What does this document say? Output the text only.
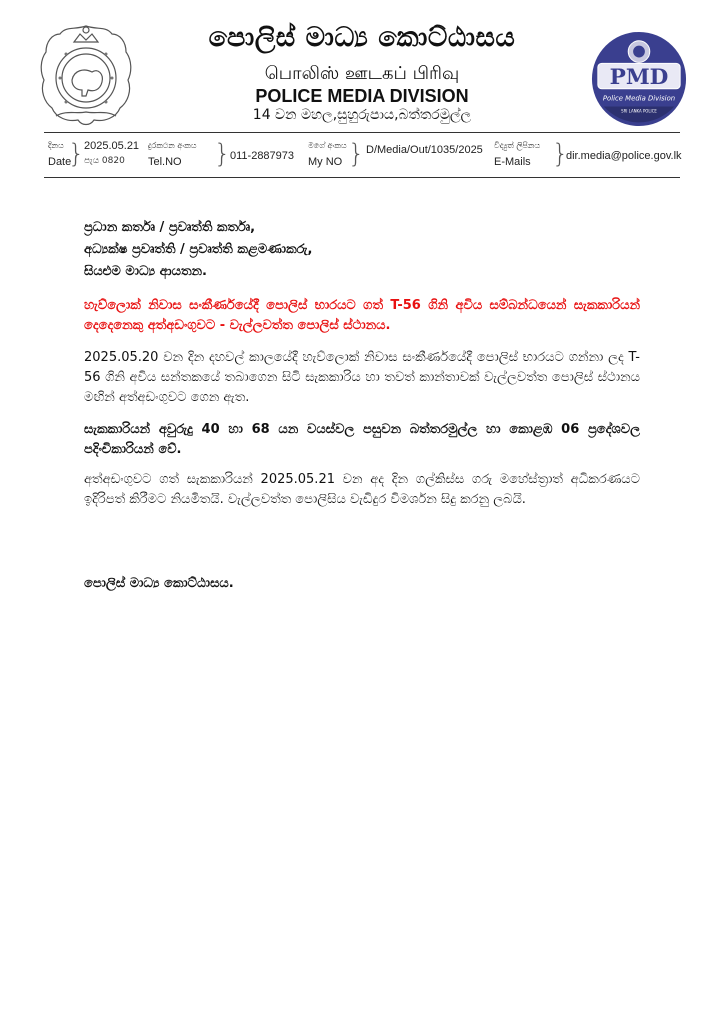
පොලිස් මාධ්‍ය කොට්ඨාසය
பொலிஸ் ஊடகப் பிரிவு
POLICE MEDIA DIVISION
14 වන මහල,සුහුරුපාය,බත්තරමුල්ල
PMD
Police Media Division
SRI LANKA POLICE
දිනය
Date
} 2025.05.21
පැය 0820
දුරකථන අංකය
Tel.NO } 011-2887973
මගේ අංකය
My NO } D/Media/Out/1035/2025 විද්‍යුත් ලිපිනය
E-Mails }
dir.media@police.gov.lk
ප්‍රධාන කර්තෘ / ප්‍රවෘත්ති කර්තෘ,
අධ්‍යක්ෂ ප්‍රවෘත්ති / ප්‍රවෘත්ති කළමණාකරු,
සියළුම මාධ්‍ය ආයතන.
හැව්ලොක් නිවාස සංකීර්ණයේදී පොලිස් භාරයට ගත් T-56 ගිනි අවිය සම්බන්ධයෙන් සැකකාරියන් දෙදෙනෙකු අත්අඩංගුවට - වැල්ලවත්ත පොලිස් ස්ථානය.
2025.05.20 වන දින දහවල් කාලයේදී හැව්ලොක් නිවාස සංකීර්ණයේදී පොලිස් භාරයට ගන්නා ලද T-56 ගිනි අවිය සන්තකයේ තබාගෙන සිටි සැකකාරිය හා තවත් කාන්තාවක් වැල්ලවත්ත පොලිස් ස්ථානය මඟින් අත්අඩංගුවට ගෙන ඇත.
සැකකාරියන් අවුරුදු 40 හා 68 යන වයස්වල පසුවන බත්තරමුල්ල හා කොළඹ 06 ප්‍රදේශවල පදිංචිකාරියන් වේ.
අත්අඩංගුවට ගත් සැකකාරියන් 2025.05.21 වන අද දින ගල්කිස්ස ගරු මහේස්ත්‍රාත් අධිකරණයට ඉදිරිපත් කිරීමට නියමිතයි. වැල්ලවත්ත පොලිසිය වැඩිදුර විමර්ශන සිදු කරනු ලබයි.
පොලිස් මාධ්‍ය කොට්ඨාසය.
